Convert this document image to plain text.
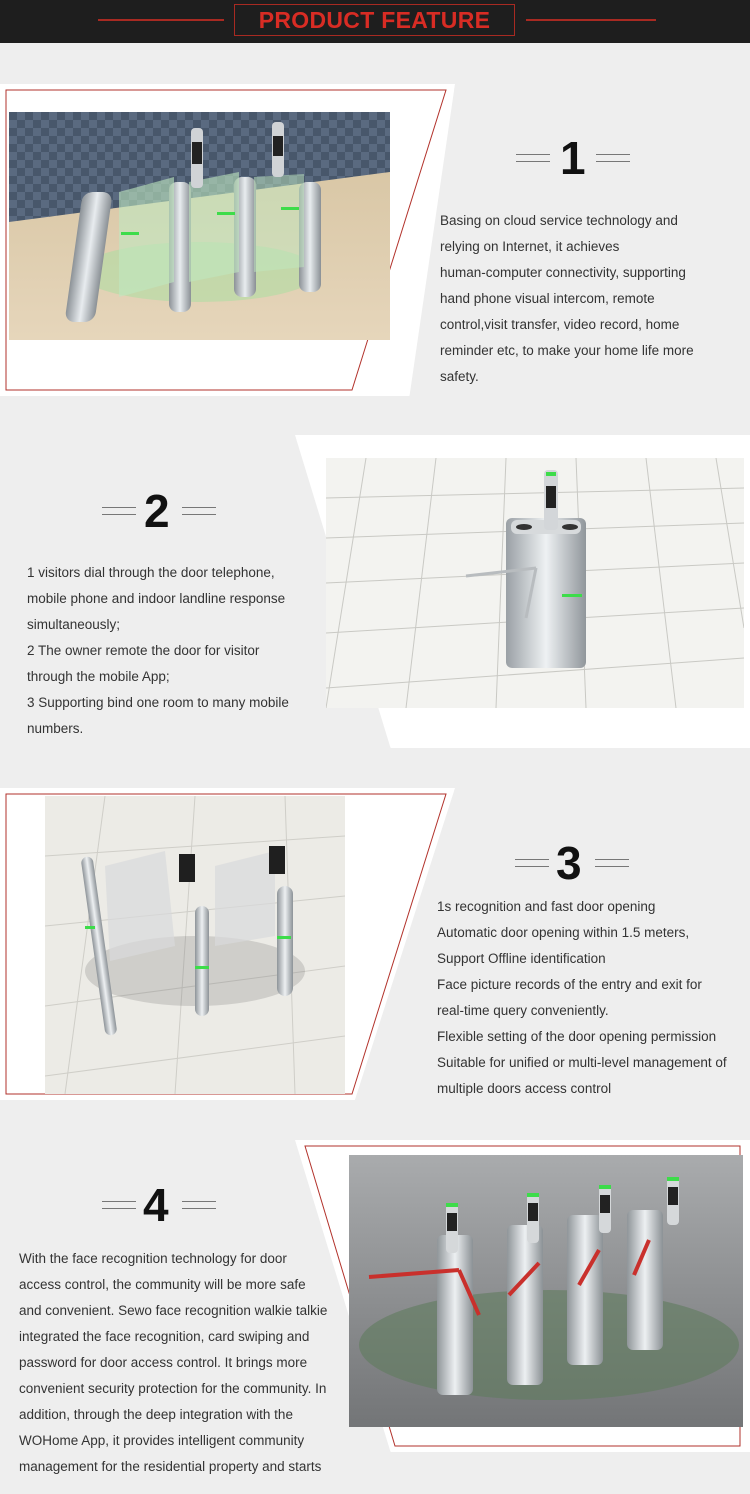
PRODUCT FEATURE
1

Basing on cloud service technology and

relying on Internet, it achieves

human-computer connectivity, supporting

hand phone visual intercom, remote

control,visit transfer, video record, home

reminder etc, to make your home life more

safety.

2

1 visitors dial through the door telephone,

mobile phone and indoor landline response

simultaneously;

2 The owner remote the door for visitor

through the mobile App;

3 Supporting bind one room to many mobile

numbers.

3

1s recognition and fast door opening

Automatic door opening within 1.5 meters,

Support Offline identification

Face picture records of the entry and exit for

real-time query conveniently.

Flexible setting of the door opening permission

Suitable for unified or multi-level management of

multiple doors access control

4

With the face recognition technology for door

access control, the community will be more safe

and convenient. Sewo face recognition walkie talkie

integrated the face recognition, card swiping and

password for door access control. It brings more

convenient security protection for the community. In

addition, through the deep integration with the

WOHome App, it provides intelligent community

management for the residential property and starts
